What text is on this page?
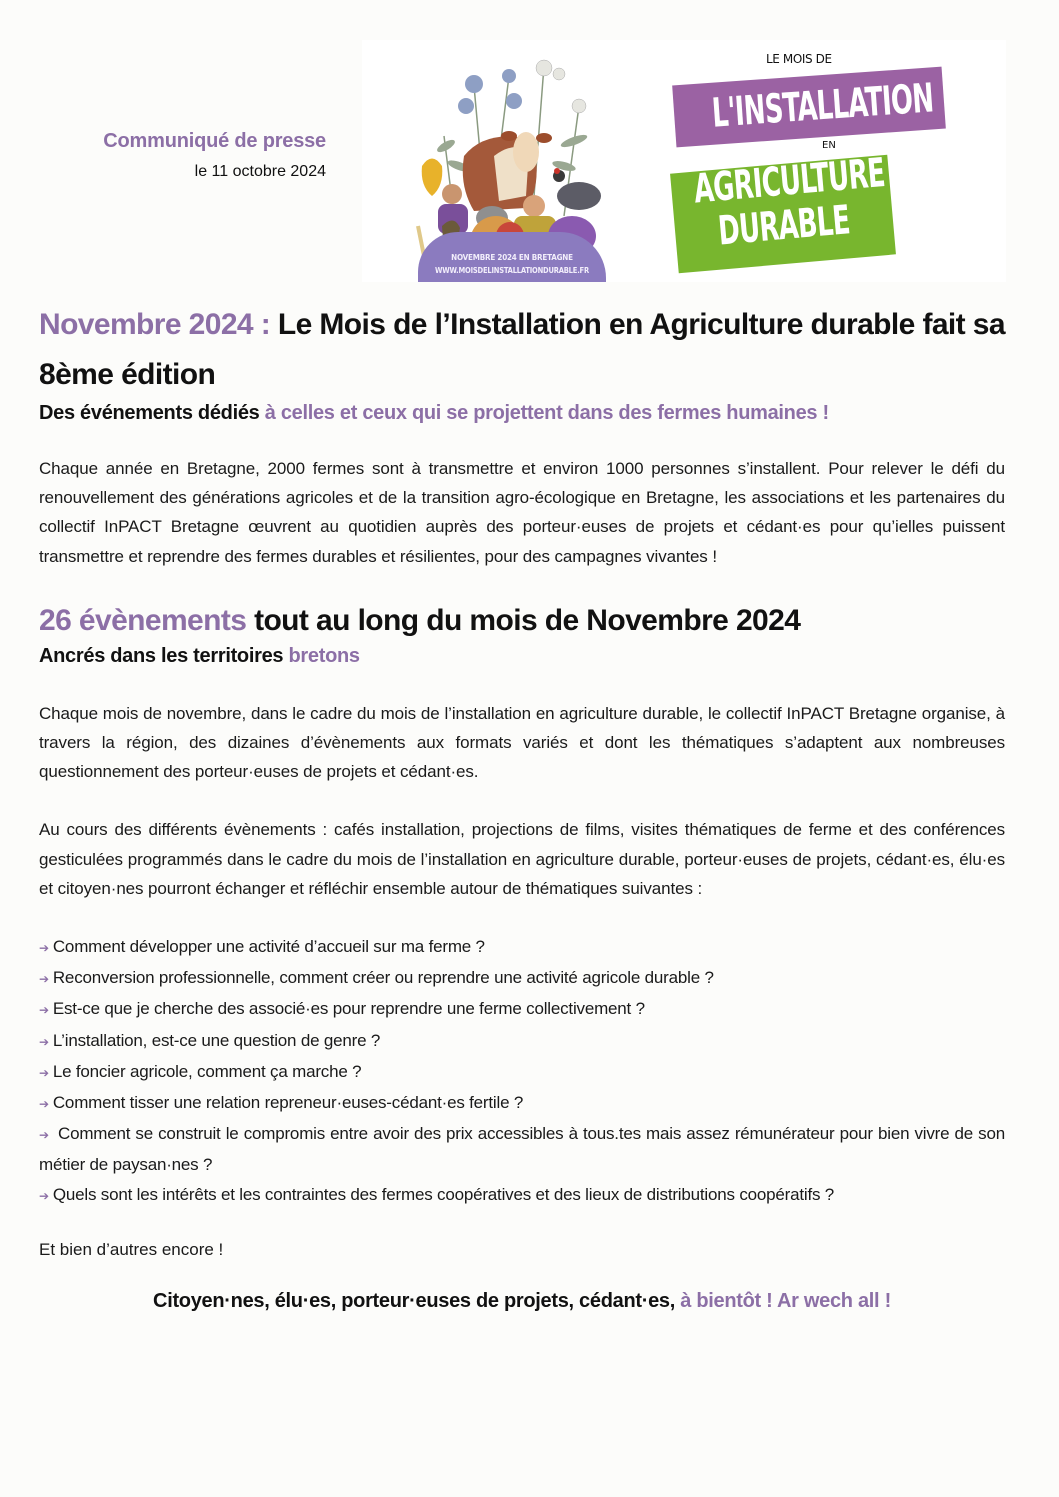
Communiqué de presse
le 11 octobre 2024
NOVEMBRE 2024 EN BRETAGNE
WWW.MOISDELINSTALLATIONDURABLE.FR
LE MOIS DE
L'INSTALLATION
EN
AGRICULTURE
DURABLE
Novembre 2024 : Le Mois de l’Installation en Agriculture durable fait sa 8ème édition
Des événements dédiés à celles et ceux qui se projettent dans des fermes humaines !
Chaque année en Bretagne, 2000 fermes sont à transmettre et environ 1000 personnes s’installent. Pour relever le défi du renouvellement des générations agricoles et de la transition agro-écologique en Bretagne, les associations et les partenaires du collectif InPACT Bretagne œuvrent au quotidien auprès des porteur·euses de projets et cédant·es pour qu’ielles puissent transmettre et reprendre des fermes durables et résilientes, pour des campagnes vivantes !
26 évènements tout au long du mois de Novembre 2024
Ancrés dans les territoires bretons
Chaque mois de novembre, dans le cadre du mois de l’installation en agriculture durable, le collectif InPACT Bretagne organise, à travers la région, des dizaines d’évènements aux formats variés et dont les thématiques s’adaptent aux nombreuses questionnement des porteur·euses de projets et cédant·es.
Au cours des différents évènements : cafés installation, projections de films, visites thématiques de ferme et des conférences gesticulées programmés dans le cadre du mois de l’installation en agriculture durable, porteur·euses de projets, cédant·es, élu·es et citoyen·nes pourront échanger et réfléchir ensemble autour de thématiques suivantes :
➔ Comment développer une activité d’accueil sur ma ferme ?
➔ Reconversion professionnelle, comment créer ou reprendre une activité agricole durable ?
➔ Est-ce que je cherche des associé·es pour reprendre une ferme collectivement ?
➔ L’installation, est-ce une question de genre ?
➔ Le foncier agricole, comment ça marche ?
➔ Comment tisser une relation repreneur·euses-cédant·es fertile ?
➔ Comment se construit le compromis entre avoir des prix accessibles à tous.tes mais assez rémunérateur pour bien vivre de son métier de paysan·nes ?
➔ Quels sont les intérêts et les contraintes des fermes coopératives et des lieux de distributions coopératifs ?
Et bien d’autres encore !
Citoyen·nes, élu·es, porteur·euses de projets, cédant·es, à bientôt ! Ar wech all !
